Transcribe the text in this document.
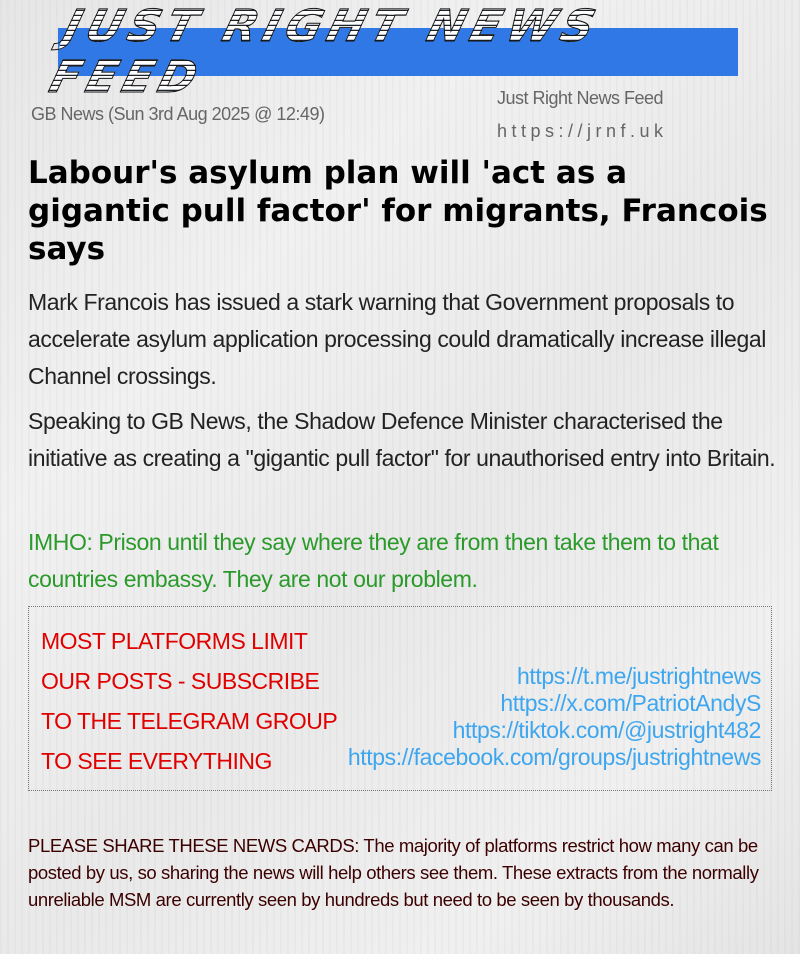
JUST RIGHT NEWS FEED
GB News (Sun 3rd Aug 2025 @ 12:49)
Just Right News Feed
https://jrnf.uk
Labour's asylum plan will 'act as a gigantic pull factor' for migrants, Francois says

Mark Francois has issued a stark warning that Government proposals to accelerate asylum application processing could dramatically increase illegal Channel crossings.

Speaking to GB News, the Shadow Defence Minister characterised the initiative as creating a "gigantic pull factor" for unauthorised entry into Britain.

IMHO: Prison until they say where they are from then take them to that countries embassy. They are not our problem.

MOST PLATFORMS LIMIT
OUR POSTS - SUBSCRIBE
TO THE TELEGRAM GROUP
TO SEE EVERYTHING
https://t.me/justrightnews
https://x.com/PatriotAndyS
https://tiktok.com/@justright482
https://facebook.com/groups/justrightnews
PLEASE SHARE THESE NEWS CARDS: The majority of platforms restrict how many can be posted by us, so sharing the news will help others see them. These extracts from the normally unreliable MSM are currently seen by hundreds but need to be seen by thousands.
